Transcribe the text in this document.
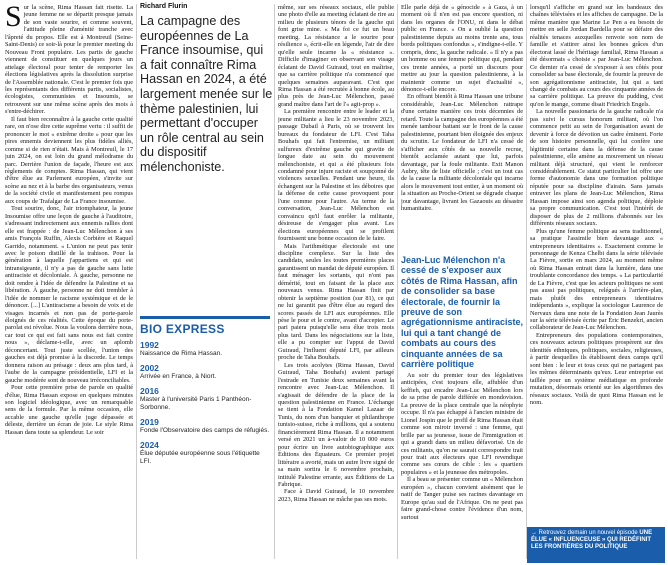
S ur la scène, Rima Hassan fait risette. La jeune femme ne se départit presque jamais de son vaste sourire, et comme souvent, l'attitude pleine d'aménité tranche avec l'âpreté du propos. Elle est à Montreuil (Seine-Saint-Denis) ce soir-là pour le premier meeting du Nouveau Front populaire. Les partis de gauche viennent de constituer en quelques jours un attelage électoral pour tenter de remporter les élections législatives après la dissolution surprise de l'Assemblée nationale. C'est le premier fois que les représentants des différents partis, socialistes, écologistes, communistes et Insoumis, se retrouvent sur une même scène après des mois à s'entre-déchirer.

Il faut bien reconnaître à la gauche cette qualité rare, on n'ose dire cette suprême vertu : il suffit de prononcer le mot « extrême droite » pour que les pires ennemis deviennent les plus fidèles alliés, comme si de rien n'était. Mais à Montreuil, le 17 juin 2024, on est loin du grand mélodrame du parc. Derrière l'union de façade, l'heure est aux règlements de comptes. Rima Hassan, qui vient d'être élue au Parlement européen, s'invite sur scène au nez et à la barbe des organisateurs, venus de la société civile et manifestement peu rompus aux coups de Trafalgar de La France insoumise.

Tout sourire, donc, l'air triomphateur, la jeune Insoumise offre une leçon de gauche à l'auditoire, s'adressant indirectement aux ennemis rallies dont elle est frappée : de Jean-Luc Mélenchon à ses amis François Ruffin, Alexis Corbière et Raquel Garrido, notamment. « L'union ne peut pas tenir avec le poison distillé de la trahison. Pour la génération à laquelle j'appartiens et qui est intransigeante, il n'y a pas de gauche sans lutte antiraciste et décoloniale. À gauche, personne ne doit rendre à l'idée de défendre la Palestine et sa libération. À gauche, personne ne doit trembler à l'idée de nommer le racisme systémique et de le dénoncer. [...] L'antiracisme a besoin de voix et de visages incarnés et non pas de porte-parole éloignés de ces réalités. Cette époque du porte-parolat est révolue. Nous la voulons derrière nous, car tout ce qui est fait sans nous est fait contre nous », déclame-t-elle, avec un aplomb déconcertant. Tout juste scellée, l'union des gauches est déjà promise à la discorde. Le temps donnera raison au présage : deux ans plus tard, à l'aube de la campagne présidentielle, LFI et la gauche modérée sont de nouveau irréconciliables.

Pour cette première prise de parole en qualité d'élue, Rima Hassan expose en quelques minutes son logiciel idéologique, avec un remarquable sens de la formule. Par la même occasion, elle accable une gauche qu'elle juge dépassée et déleste, derrière un écran de joie. Le style Rima Hassan dans toute sa splendeur. Le soir

Richard Flurin
La campagne des européennes de La France insoumise, qui a fait connaître Rima Hassan en 2024, a été largement menée sur le thème palestinien, lui permettant d'occuper un rôle central au sein du dispositif mélenchoniste.
BIO EXPRESS
1992
Naissance de Rima Hassan.
2002
Arrivée en France, à Niort.
2016
Master à l'université Paris 1 Panthéon-Sorbonne.
2019
Fonde l'Observatoire des camps de réfugiés.
2024
Élue députée européenne sous l'étiquette LFI.

même, sur ses réseaux sociaux, elle publie une photo d'elle au meeting éclatant de rire au milieu de plusieurs ténors de la gauche qui font grise mine. « Ma foi ce fut un beau meeting. La résistance a le sourire pour résilience », écrit-elle en légende, l'air de dire qu'elle seule incarne la « résistance ». Difficile d'imaginer en observant son visage éclatant de David Guiraud, tout en maîtrise, que sa carrière politique n'a commencé que quelques semaines auparavant. C'est que Rima Hassan a été recrutée à bonne école, au plus près de Jean-Luc Mélenchon, passé grand maître dans l'art de l'« agit-prop ».

La première rencontre entre le leader et la jeune militante a lieu le 23 novembre 2023, passage Dubail à Paris, où se trouvent les bureaux du fondateur de LFI. C'est Taha Bouhafs qui fait l'entremise, un militant sulfureux d'extrême gauche qui gravite de longue date au sein du mouvement mélenchoniste, et qui a été plusieurs fois condamné pour injure raciste et soupçonné de violences sexuelles. Pendant une heure, ils échangent sur la Palestine et les déboires que la défense de cette cause provoquent pour l'une comme pour l'autre. Au terme de la conversation, Jean-Luc Mélenchon est convaincu qu'il faut enrôler la militante, désireuse de s'engager plus avant. Les élections européennes qui se profilent fournissent une bonne occasion de le faire.

Mais l'arithmétique électorale est une discipline complexe. Sur la liste des candidats, seules les toutes premières places garantissent un mandat de député européen. Il faut ménager les sortants, qui n'ont pas démérité, tout en faisant de la place aux nouveaux venus. Rima Hassan finit par obtenir la septième position (sur 81), ce qui ne lui garantit pas d'être élue au regard des scores passés de LFI aux européennes. Elle pèse le pour et le contre, avant d'accepter. Le pari paiera puisqu'elle sera élue trois mois plus tard. Dans les négociations sur la liste, elle a pu compter sur l'appui de David Guiraud, l'influent député LFI, par ailleurs proche de Taha Bouhafs.

Les trois acolytes (Rima Hassan, David Guiraud, Taha Bouhafs) avaient partagé l'estrade en Tunisie deux semaines avant la rencontre avec Jean-Luc Mélenchon. Il s'agissait de défendre de la place de la question palestinienne en France. L'échange se tient à la Fondation Kamel Lazaar de Tunis, du nom d'un banquier et philanthrope tunisio-suisse, riche à millions, qui a soutenu financièrement Rima Hassan. Il a notamment versé en 2021 un à-valoir de 10 000 euros pour écrire un livre autobiographique aux Éditions des Équateurs. Ce premier projet littéraire a avorté, mais un autre livre signé de sa main sortira le 6 novembre prochain, intitulé Palestine errante, aux Éditions de La Fabrique.

Face à David Guiraud, le 10 novembre 2023, Rima Hassan ne mâche pas ses mots.

Elle parle déjà de « génocide » à Gaza, à un moment où il n'en est pas encore question, ni dans les organes de l'ONU, ni dans le débat public en France. « On a oublié la question palestinienne depuis au moins trente ans, tous bords politiques confondus », s'indigne-t-elle. Y compris, donc, la gauche radicale. « Il n'y a pas un homme ou une femme politique qui, pendant ces trente années, a porté un discours pour mettre au jour la question palestinienne, à la maintenir comme un sujet d'actualité », dénonce-t-elle encore.

En offrant bientôt à Rima Hassan une tribune considérable, Jean-Luc Mélenchon rattrape d'une certaine manière ces trois décennies de retard. Toute la campagne des européennes a été menée tambour battant sur le front de la cause palestinienne, pourtant bien éloignée des enjeux du scrutin. Le fondateur de LFI n'a cessé de s'afficher aux côtés de sa nouvelle recrue, bientôt acclamée autant que lui, parfois davantage, par la foule militante. Exit Manon Aubry, tête de liste officielle ; c'est un tout cas de la cause la militante décoloniale qui incarne alors le mouvement tout entier, à un moment où la situation au Proche-Orient se dégrade chaque jour davantage, livrant les Gazaouis au désastre humanitaire.

Jean-Luc Mélenchon n'a cessé de s'exposer aux côtés de Rima Hassan, afin de consolider sa base électorale, de fournir la preuve de son agrégationnisme antiraciste, lui qui a tant changé de combats au cours des cinquante années de sa carrière politique

Au soir du premier tour des législatives anticipées, c'est toujours elle, affublée d'un keffieh, qui encadre Jean-Luc Mélenchon lors de sa prise de parole différée en mondovision. La preuve de la place centrale que la néophyte occupe. Il n'a pas échappé à l'ancien ministre de Lionel Jospin que le profil de Rima Hassan était comme son miroir inversé : une femme, qui brille par sa jeunesse, issue de l'immigration et qui a grandi dans un milieu défavorisé. Un de ces militants, qu'on ne saurait correspondre trait pour trait aux électeurs que LFI revendique comme ses cœurs de cible : les « quartiers populaires » et la jeunesse des métropoles.

Il a beau se présenter comme un « Mélenchon européen », chacun convient aisément que le natif de Tanger puise ses racines davantage en Europe qu'au sud de l'Afrique. On ne peut pas faire grand-chose contre l'évidence d'un nom, surtout

lorsqu'il s'affiche en grand sur les bandeaux des chaînes télévisées et les affiches de campagne. De la même manière que Marine Le Pen a eu besoin de mettre en selle Jordan Bardella pour se défaire des réalités tenaces auxquelles renvoie son nom de famille et s'attirer ainsi les bonnes grâces d'un électorat lassé de l'héritage familial, Rima Hassan a été désormais « choisie » par Jean-Luc Mélenchon. Ce dernier n'a cessé de s'exposer à ses côtés pour consolider sa base électorale, de fournir la preuve de son agrégationnisme antiraciste, lui qui a tant changé de combats au cours des cinquante années de sa carrière politique. La preuve du pudding, c'est qu'on le mange, comme disait Friedrich Engels.

La nouvelle passionaria de la gauche radicale n'a pas suivi le cursus honorum militant, où l'on commence petit au sein de l'organisation avant de devenir à force de dévotion un cadre éminent. Forte de son histoire personnelle, qui lui confère une légitimité certaine dans la défense de la cause palestinienne, elle amène au mouvement un réseau militant déjà structuré, qui vient le renforcer considérablement. Ce statut particulier lui offre une forme d'autonomie dans une formation politique réputée pour sa discipline d'airain. Sans jamais entraver les plans de Jean-Luc Mélenchon, Rima Hassan impose ainsi son agenda politique, déploie sa propre communication. C'est tout l'intérêt de disposer de plus de 2 millions d'abonnés sur les différents réseaux sociaux.

Plus qu'une femme politique au sens traditionnel, sa pratique l'assimile bien davantage aux « entrepreneurs identitaires ». Exactement comme le personnage de Kenza Chelbi dans la série télévisée La Fièvre, sortie en mars 2024, au moment même où Rima Hassan entrait dans la lumière, dans une troublante concordance des temps. « La particularité de La Fièvre, c'est que les acteurs politiques ne sont pas aussi pas politiques, relégués à l'arrière-plan, mais plutôt des entrepreneurs identitaires indépendants », explique la sociologue Laurence de Nervaux dans une note de la Fondation Jean Jaurès sur la série télévisée écrite par Éric Benzekri, ancien collaborateur de Jean-Luc Mélenchon.

Entrepreneurs des populations contemporaines, ces nouveaux acteurs politiques prospèrent sur des identités ethniques, politiques, sociales, religieuses, à partir desquelles ils établissent deux camps qu'il sont bien : le leur et tous ceux qui ne partagent pas les mêmes déterminants qu'eux. Leur entreprise est taillée pour un système médiatique en profonde mutation, désormais orienté sur les algorithmes des réseaux sociaux. Voilà de quoi Rima Hassan est le nom.

→ Retrouvez demain un nouvel épisode UNE ÉLUE « INFLUENCEUSE » QUI REDÉFINIT LES FRONTIÈRES DU POLITIQUE
